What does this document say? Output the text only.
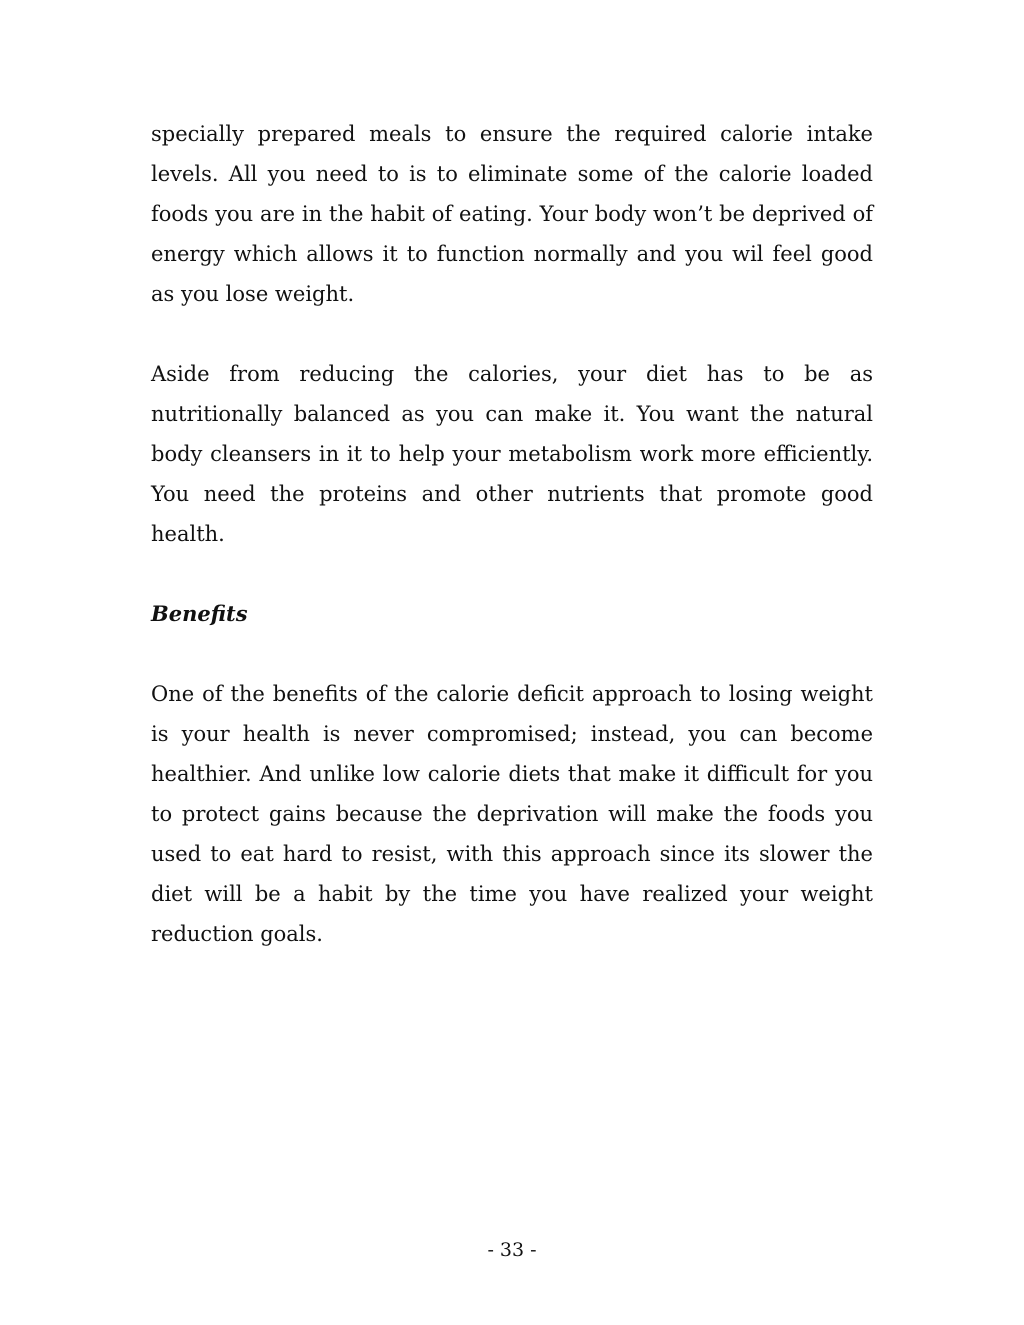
specially prepared meals to ensure the required calorie intake levels. All you need to is to eliminate some of the calorie loaded foods you are in the habit of eating. Your body won’t be deprived of energy which allows it to function normally and you wil feel good as you lose weight.

Aside from reducing the calories, your diet has to be as nutritionally balanced as you can make it. You want the natural body cleansers in it to help your metabolism work more efficiently. You need the proteins and other nutrients that promote good health.

Benefits

One of the benefits of the calorie deficit approach to losing weight is your health is never compromised; instead, you can become healthier. And unlike low calorie diets that make it difficult for you to protect gains because the deprivation will make the foods you used to eat hard to resist, with this approach since its slower the diet will be a habit by the time you have realized your weight reduction goals.

- 33 -
